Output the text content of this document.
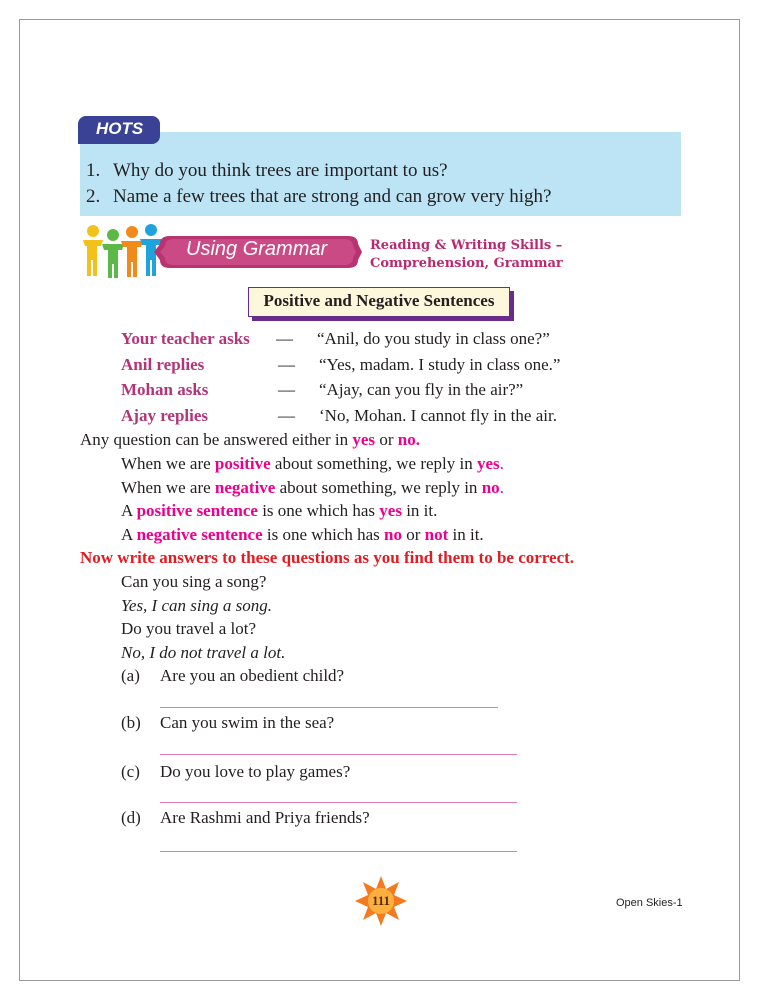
HOTS
1. Why do you think trees are important to us?
2. Name a few trees that are strong and can grow very high?
Using Grammar	Reading & Writing Skills –
Comprehension, Grammar
Positive and Negative Sentences
Your teacher asks — “Anil, do you study in class one?”
Anil replies	— “Yes, madam. I study in class one.”
Mohan asks	— “Ajay, can you fly in the air?”
Ajay replies	— ‘No, Mohan. I cannot fly in the air.
Any question can be answered either in yes or no.
When we are positive about something, we reply in yes.
When we are negative about something, we reply in no.
A positive sentence is one which has yes in it.
A negative sentence is one which has no or not in it.
Now write answers to these questions as you find them to be correct.
Can you sing a song?
Yes, I can sing a song.
Do you travel a lot?
No, I do not travel a lot.
(a) Are you an obedient child?
(b) Can you swim in the sea?
(c) Do you love to play games?
(d) Are Rashmi and Priya friends?
111	Open Skies-1
